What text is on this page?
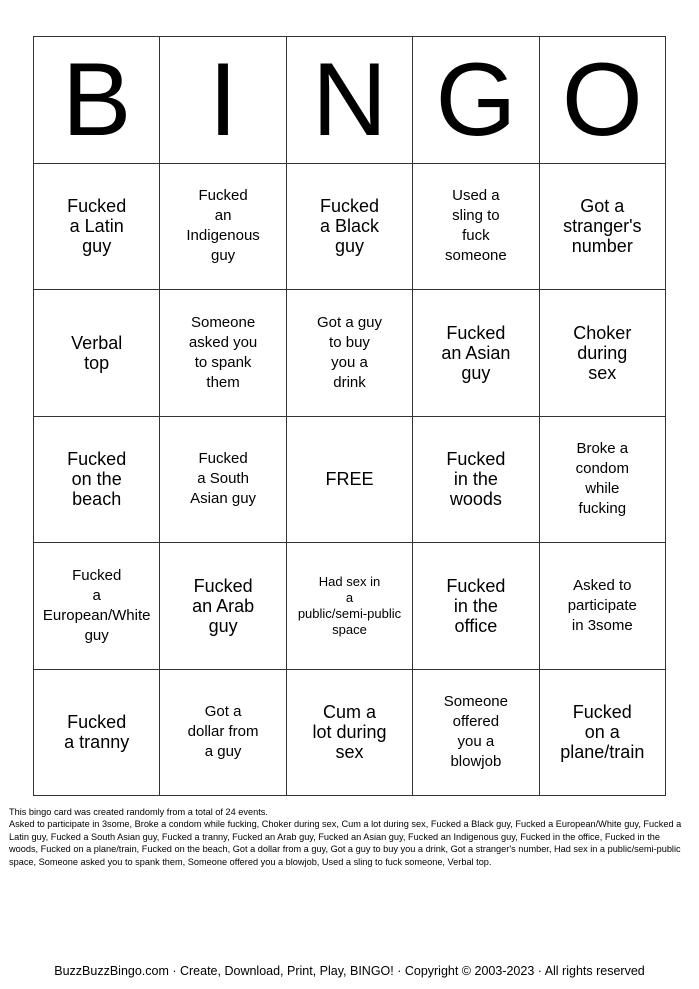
B I N G O
Fucked
a Latin
guy
Fucked
an
Indigenous
guy
Fucked
a Black
guy
Used a
sling to
fuck
someone
Got a
stranger's
number
Verbal
top
Someone
asked you
to spank
them
Got a guy
to buy
you a
drink
Fucked
an Asian
guy
Choker
during
sex
Fucked
on the
beach
Fucked
a South
Asian guy
FREE
Fucked
in the
woods
Broke a
condom
while
fucking
Fucked
a
European/White
guy
Fucked
an Arab
guy
Had sex in
a
public/semi-public
space
Fucked
in the
office
Asked to
participate
in 3some
Fucked
a tranny
Got a
dollar from
a guy
Cum a
lot during
sex
Someone
offered
you a
blowjob
Fucked
on a
plane/train

This bingo card was created randomly from a total of 24 events.

Asked to participate in 3some, Broke a condom while fucking, Choker during sex, Cum a lot during sex, Fucked a Black guy, Fucked a European/White guy, Fucked a Latin guy, Fucked a South Asian guy, Fucked a tranny, Fucked an Arab guy, Fucked an Asian guy, Fucked an Indigenous guy, Fucked in the office, Fucked in the woods, Fucked on a plane/train, Fucked on the beach, Got a dollar from a guy, Got a guy to buy you a drink, Got a stranger's number, Had sex in a public/semi-public space, Someone asked you to spank them, Someone offered you a blowjob, Used a sling to fuck someone, Verbal top.

BuzzBuzzBingo.com · Create, Download, Print, Play, BINGO! · Copyright © 2003-2023 · All rights reserved
